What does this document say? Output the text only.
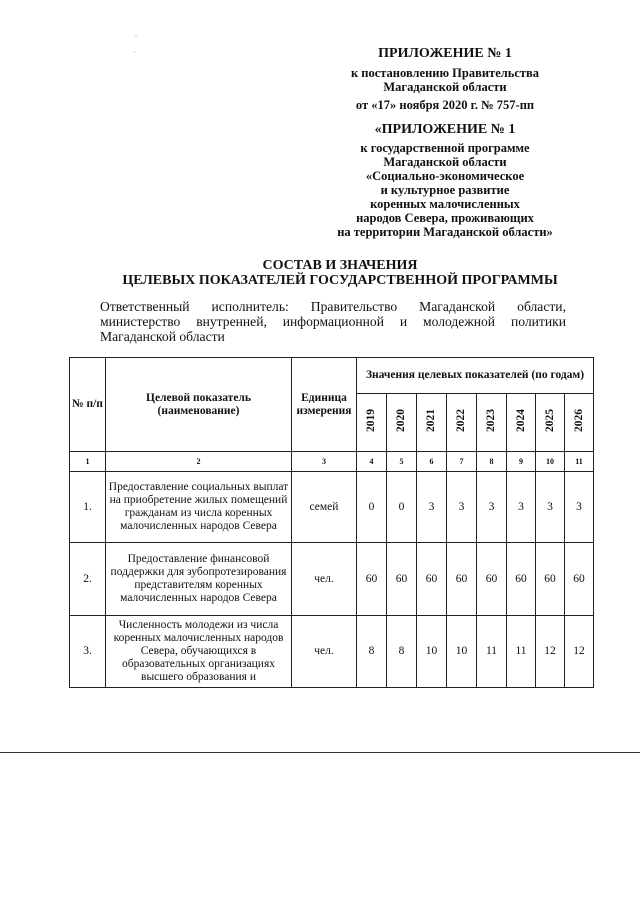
.
·	ПРИЛОЖЕНИЕ № 1
к постановлению Правительства
Магаданской области
от «17» ноября 2020 г. № 757-пп
«ПРИЛОЖЕНИЕ № 1
к государственной программе
Магаданской области
«Социально-экономическое
и культурное развитие
коренных малочисленных
народов Севера, проживающих
на территории Магаданской области»
СОСТАВ И ЗНАЧЕНИЯ
ЦЕЛЕВЫХ ПОКАЗАТЕЛЕЙ ГОСУДАРСТВЕННОЙ ПРОГРАММЫ
Ответственный исполнитель: Правительство Магаданской области, министерство внутренней, информационной и молодежной политики Магаданской области
№ п/п	Целевой показатель (наименование)	Единица измерения	Значения целевых показателей (по годам)							
			2019	2020	2021	2022	2023	2024	2025	2026
1	2	3	4	5	6	7	8	9	10	11
1.	Предоставление социальных выплат на приобретение жилых помещений гражданам из числа коренных малочисленных народов Севера	семей	0	0	3	3	3	3	3	3
2.	Предоставление финансовой поддержки для зубопротезирования представителям коренных малочисленных народов Севера	чел.	60	60	60	60	60	60	60	60
3.	Численность молодежи из числа коренных малочисленных народов Севера, обучающихся в образовательных организациях высшего образования и	чел.	8	8	10	10	11	11	12	12
